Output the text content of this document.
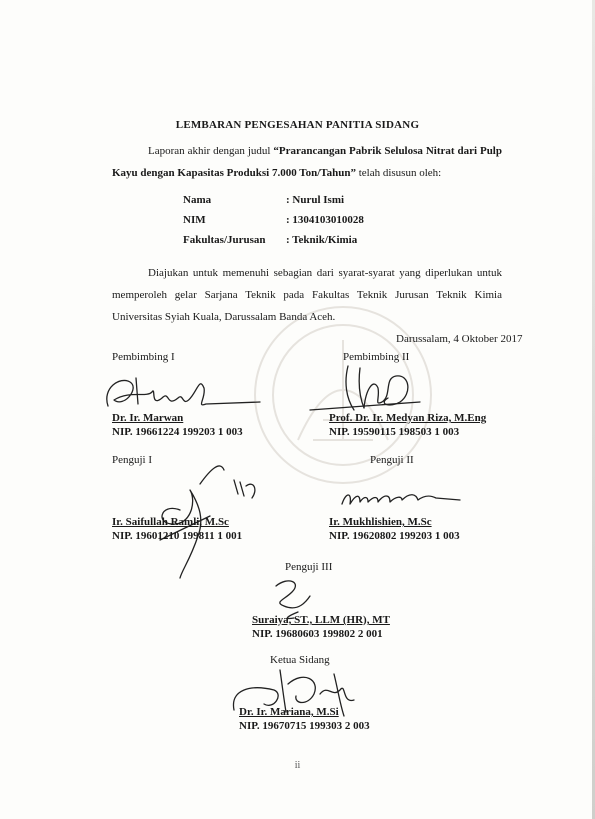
LEMBARAN PENGESAHAN PANITIA SIDANG
Laporan akhir dengan judul “Prarancangan Pabrik Selulosa Nitrat dari Pulp Kayu dengan Kapasitas Produksi 7.000 Ton/Tahun” telah disusun oleh:
Nama	: Nurul Ismi
NIM	: 1304103010028
Fakultas/Jurusan	: Teknik/Kimia
Diajukan untuk memenuhi sebagian dari syarat-syarat yang diperlukan untuk memperoleh gelar Sarjana Teknik pada Fakultas Teknik Jurusan Teknik Kimia Universitas Syiah Kuala, Darussalam Banda Aceh.
Darussalam, 4 Oktober 2017
Pembimbing I
Dr. Ir. Marwan
NIP. 19661224 199203 1 003
Pembimbing II
Prof. Dr. Ir. Medyan Riza, M.Eng
NIP. 19590115 198503 1 003
Penguji I
Ir. Saifullah Ramli, M.Sc
NIP. 19601210 199811 1 001
Penguji II
Ir. Mukhlishien, M.Sc
NIP. 19620802 199203 1 003
Penguji III
Suraiya, ST., LLM (HR), MT
NIP. 19680603 199802 2 001
Ketua Sidang
Dr. Ir. Mariana, M.Si
NIP. 19670715 199303 2 003
ii
